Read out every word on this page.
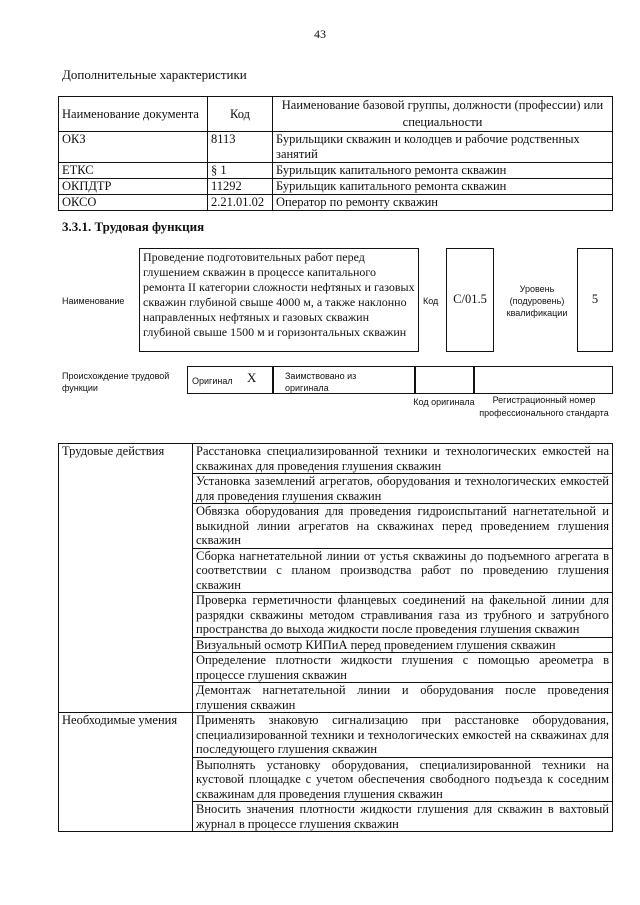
43
Дополнительные характеристики
Наименование документа	Код	Наименование базовой группы, должности (профессии) или специальности
ОКЗ	8113	Бурильщики скважин и колодцев и рабочие родственных занятий
ЕТКС	§ 1	Бурильщик капитального ремонта скважин
ОКПДТР	11292	Бурильщик капитального ремонта скважин
ОКСО	2.21.01.02	Оператор по ремонту скважин
3.3.1. Трудовая функция
Наименование
Проведение подготовительных работ перед глушением скважин в процессе капитального ремонта II категории сложности нефтяных и газовых скважин глубиной свыше 4000 м, а также наклонно направленных нефтяных и газовых скважин глубиной свыше 1500 м и горизонтальных скважин
Код	C/01.5
Уровень (подуровень) квалификации
5
Происхождение трудовой функции
Оригинал X	Заимствовано из оригинала
Код оригинала	Регистрационный номер профессионального стандарта
Трудовые действия	Расстановка специализированной техники и технологических емкостей на скважинах для проведения глушения скважин
	Установка заземлений агрегатов, оборудования и технологических емкостей для проведения глушения скважин
	Обвязка оборудования для проведения гидроиспытаний нагнетательной и выкидной линии агрегатов на скважинах перед проведением глушения скважин
	Сборка нагнетательной линии от устья скважины до подъемного агрегата в соответствии с планом производства работ по проведению глушения скважин
	Проверка герметичности фланцевых соединений на факельной линии для разрядки скважины методом стравливания газа из трубного и затрубного пространства до выхода жидкости после проведения глушения скважин
	Визуальный осмотр КИПиА перед проведением глушения скважин
	Определение плотности жидкости глушения с помощью ареометра в процессе глушения скважин
	Демонтаж нагнетательной линии и оборудования после проведения глушения скважин
Необходимые умения	Применять знаковую сигнализацию при расстановке оборудования, специализированной техники и технологических емкостей на скважинах для последующего глушения скважин
	Выполнять установку оборудования, специализированной техники на кустовой площадке с учетом обеспечения свободного подъезда к соседним скважинам для проведения глушения скважин
	Вносить значения плотности жидкости глушения для скважин в вахтовый журнал в процессе глушения скважин
